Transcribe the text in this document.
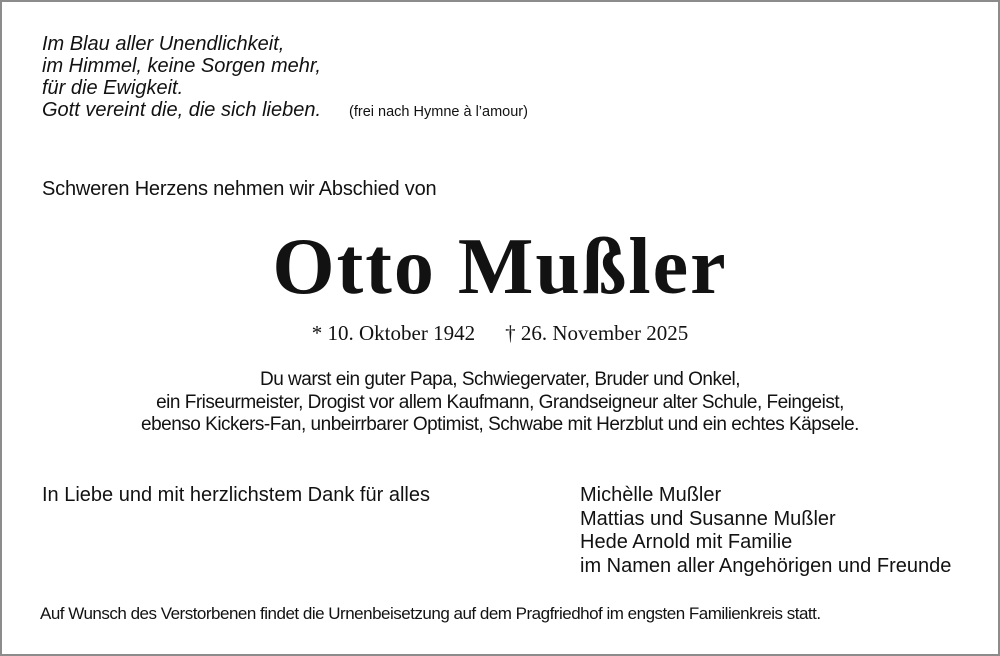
Im Blau aller Unendlichkeit,
im Himmel, keine Sorgen mehr,
für die Ewigkeit.
Gott vereint die, die sich lieben. (frei nach Hymne à l’amour)
Schweren Herzens nehmen wir Abschied von
Otto Mußler
* 10. Oktober 1942 † 26. November 2025
Du warst ein guter Papa, Schwiegervater, Bruder und Onkel,
ein Friseurmeister, Drogist vor allem Kaufmann, Grandseigneur alter Schule, Feingeist,
ebenso Kickers-Fan, unbeirrbarer Optimist, Schwabe mit Herzblut und ein echtes Käpsele.
In Liebe und mit herzlichstem Dank für alles	Michèlle Mußler
Mattias und Susanne Mußler
Hede Arnold mit Familie
im Namen aller Angehörigen und Freunde
Auf Wunsch des Verstorbenen findet die Urnenbeisetzung auf dem Pragfriedhof im engsten Familienkreis statt.
